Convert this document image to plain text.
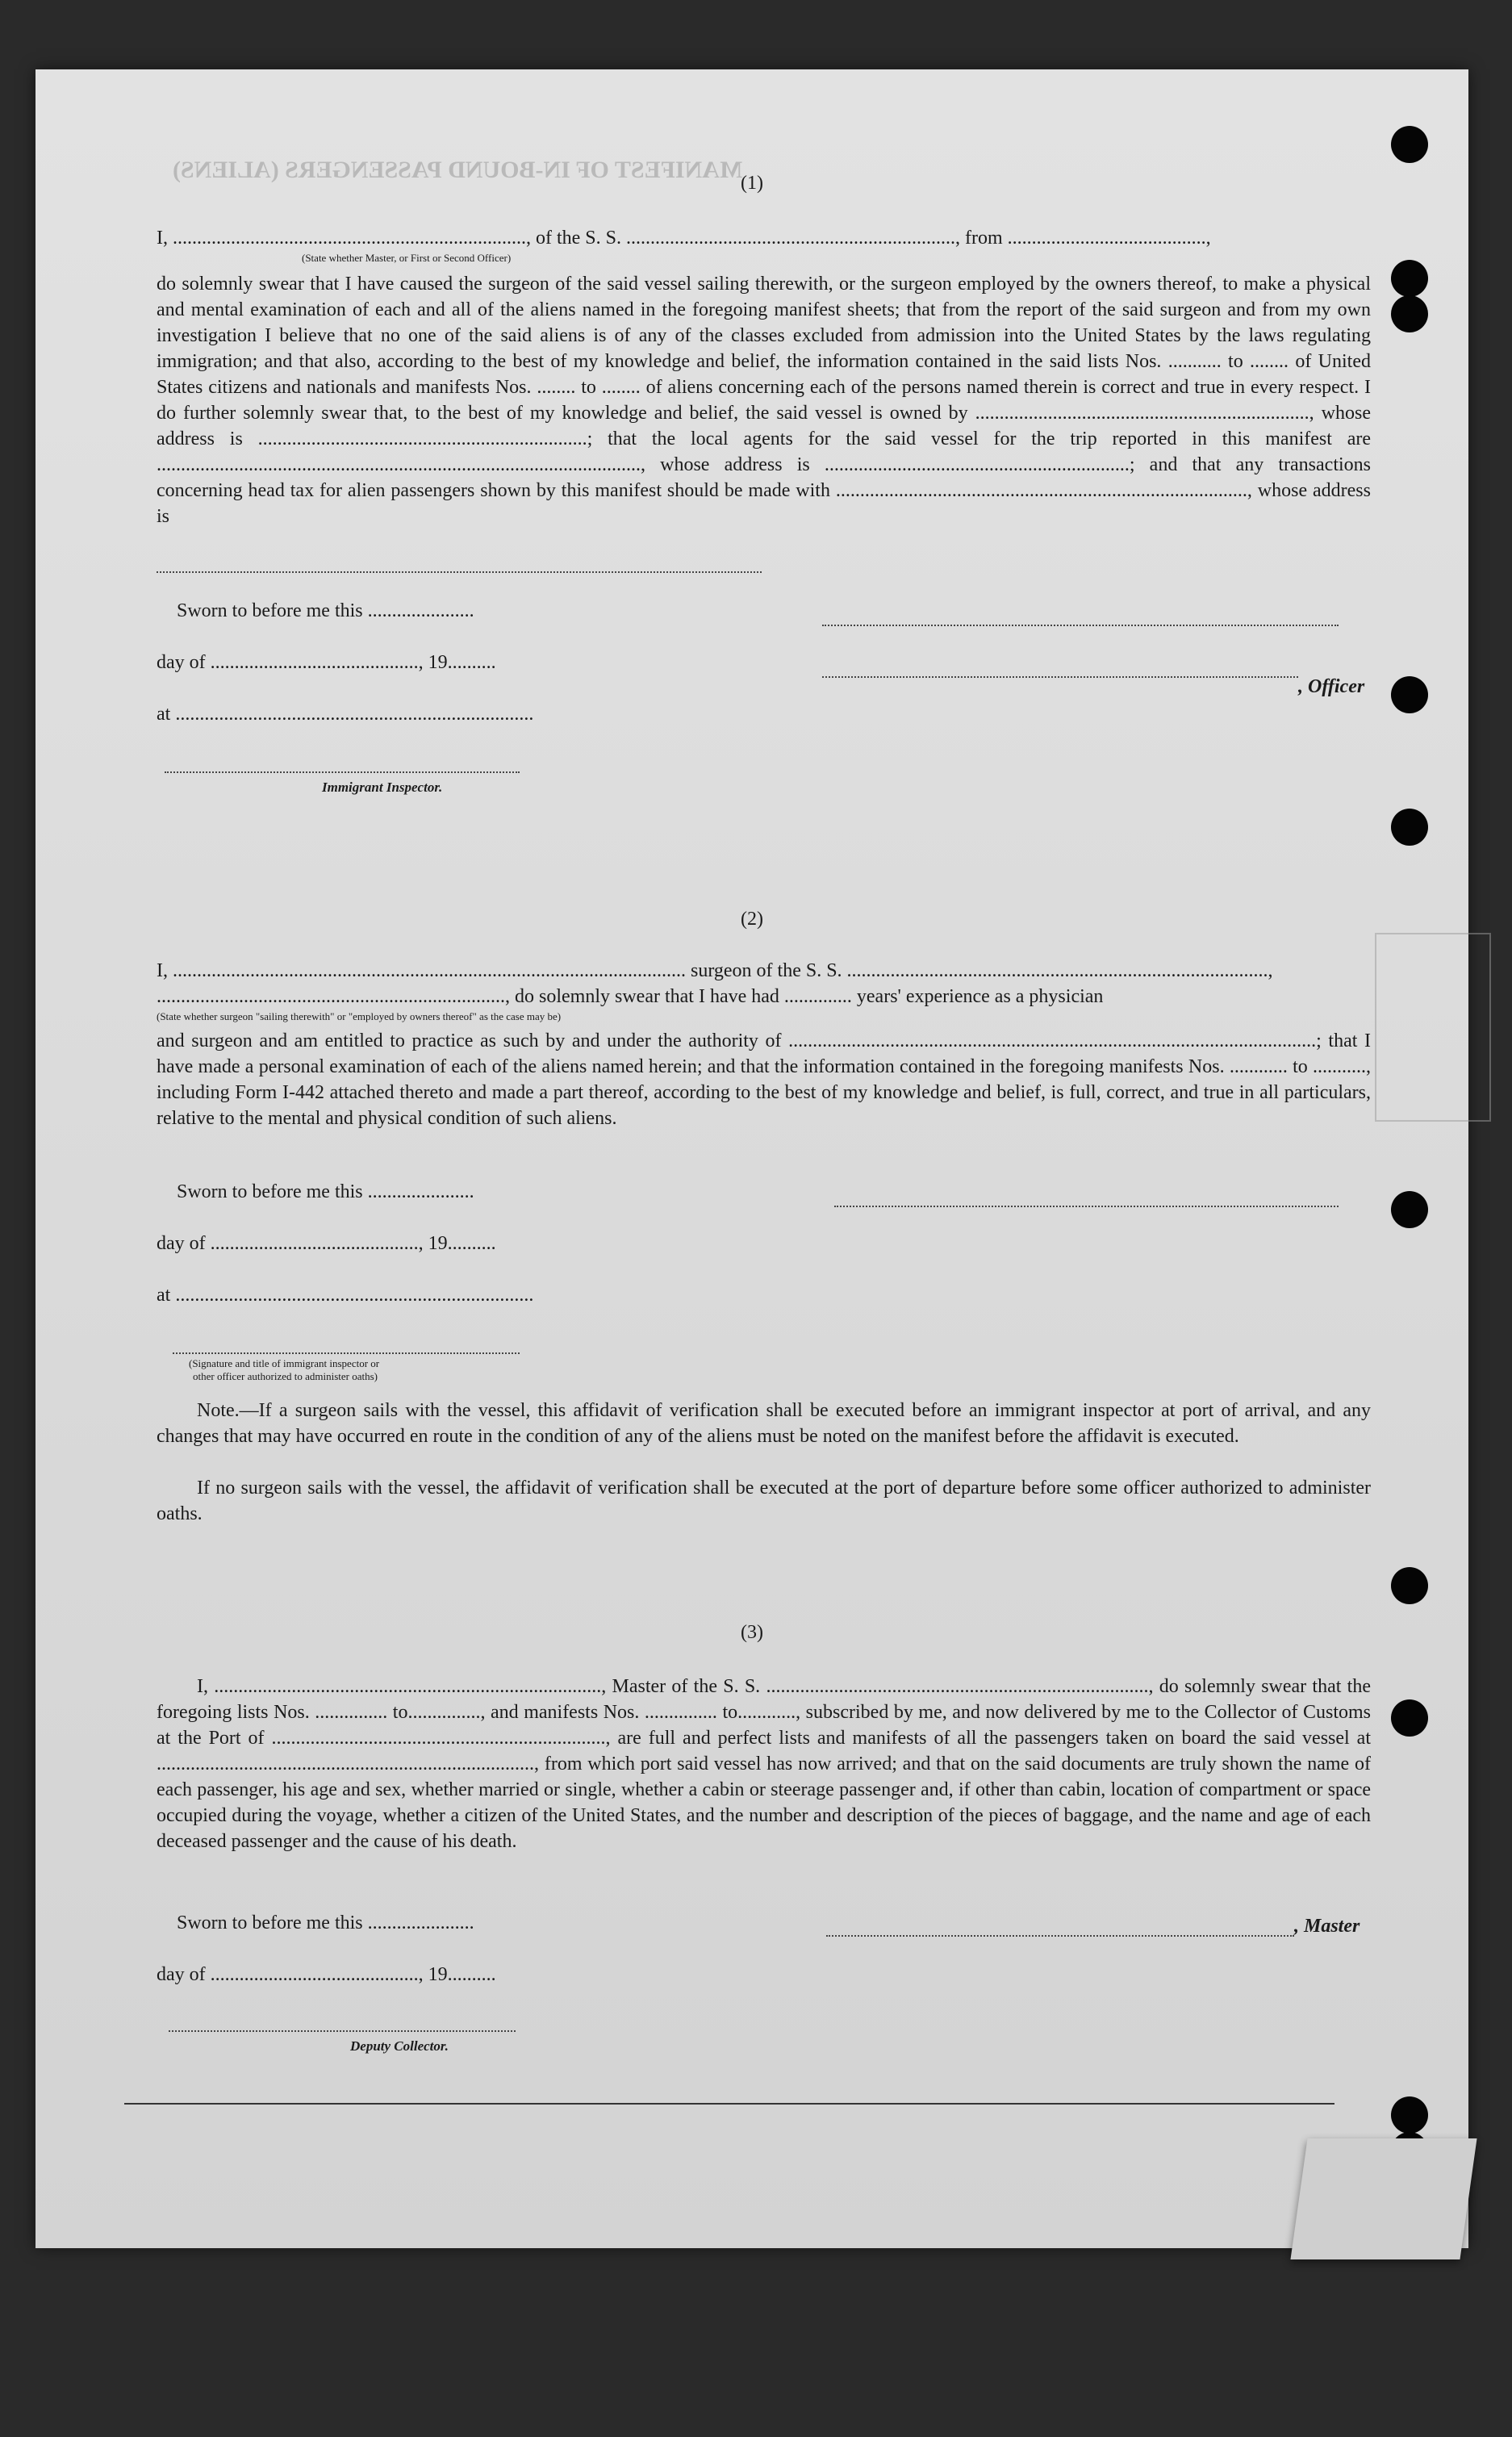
MANIFEST OF IN-BOUND PASSENGERS (ALIENS)
(1)
I, ........................................................................., of the S. S. ...................................................................., from .........................................,
(State whether Master, or First or Second Officer)
do solemnly swear that I have caused the surgeon of the said vessel sailing therewith, or the surgeon employed by the owners thereof, to make a physical and mental examination of each and all of the aliens named in the foregoing manifest sheets; that from the report of the said surgeon and from my own investigation I believe that no one of the said aliens is of any of the classes excluded from admission into the United States by the laws regulating immigration; and that also, according to the best of my knowledge and belief, the information contained in the said lists Nos. ........... to ........ of United States citizens and nationals and manifests Nos. ........ to ........ of aliens concerning each of the persons named therein is correct and true in every respect. I do further solemnly swear that, to the best of my knowledge and belief, the said vessel is owned by ....................................................................., whose address is ....................................................................; that the local agents for the said vessel for the trip reported in this manifest are ...................................................................................................., whose address is ...............................................................; and that any transactions concerning head tax for alien passengers shown by this manifest should be made with ....................................................................................., whose address is
Sworn to before me this ......................
day of ..........................................., 19..........
at ..........................................................................
, Officer
Immigrant Inspector.
(2)
I, .......................................................................................................... surgeon of the S. S. .......................................................................................,
........................................................................, do solemnly swear that I have had .............. years' experience as a physician
(State whether surgeon "sailing therewith" or "employed by owners thereof" as the case may be)
and surgeon and am entitled to practice as such by and under the authority of .............................................................................................................; that I have made a personal examination of each of the aliens named herein; and that the information contained in the foregoing manifests Nos. ............ to ..........., including Form I-442 attached thereto and made a part thereof, according to the best of my knowledge and belief, is full, correct, and true in all particulars, relative to the mental and physical condition of such aliens.
Sworn to before me this ......................
day of ..........................................., 19..........
at ..........................................................................
(Signature and title of immigrant inspector or
other officer authorized to administer oaths)
Note.—If a surgeon sails with the vessel, this affidavit of verification shall be executed before an immigrant inspector at port of arrival, and any changes that may have occurred en route in the condition of any of the aliens must be noted on the manifest before the affidavit is executed.
If no surgeon sails with the vessel, the affidavit of verification shall be executed at the port of departure before some officer authorized to administer oaths.
(3)
I, ................................................................................, Master of the S. S. ..............................................................................., do solemnly swear that the foregoing lists Nos. ............... to..............., and manifests Nos. ............... to............, subscribed by me, and now delivered by me to the Collector of Customs at the Port of ....................................................................., are full and perfect lists and manifests of all the passengers taken on board the said vessel at .............................................................................., from which port said vessel has now arrived; and that on the said documents are truly shown the name of each passenger, his age and sex, whether married or single, whether a cabin or steerage passenger and, if other than cabin, location of compartment or space occupied during the voyage, whether a citizen of the United States, and the number and description of the pieces of baggage, and the name and age of each deceased passenger and the cause of his death.
Sworn to before me this ......................
day of ..........................................., 19..........
, Master
Deputy Collector.
